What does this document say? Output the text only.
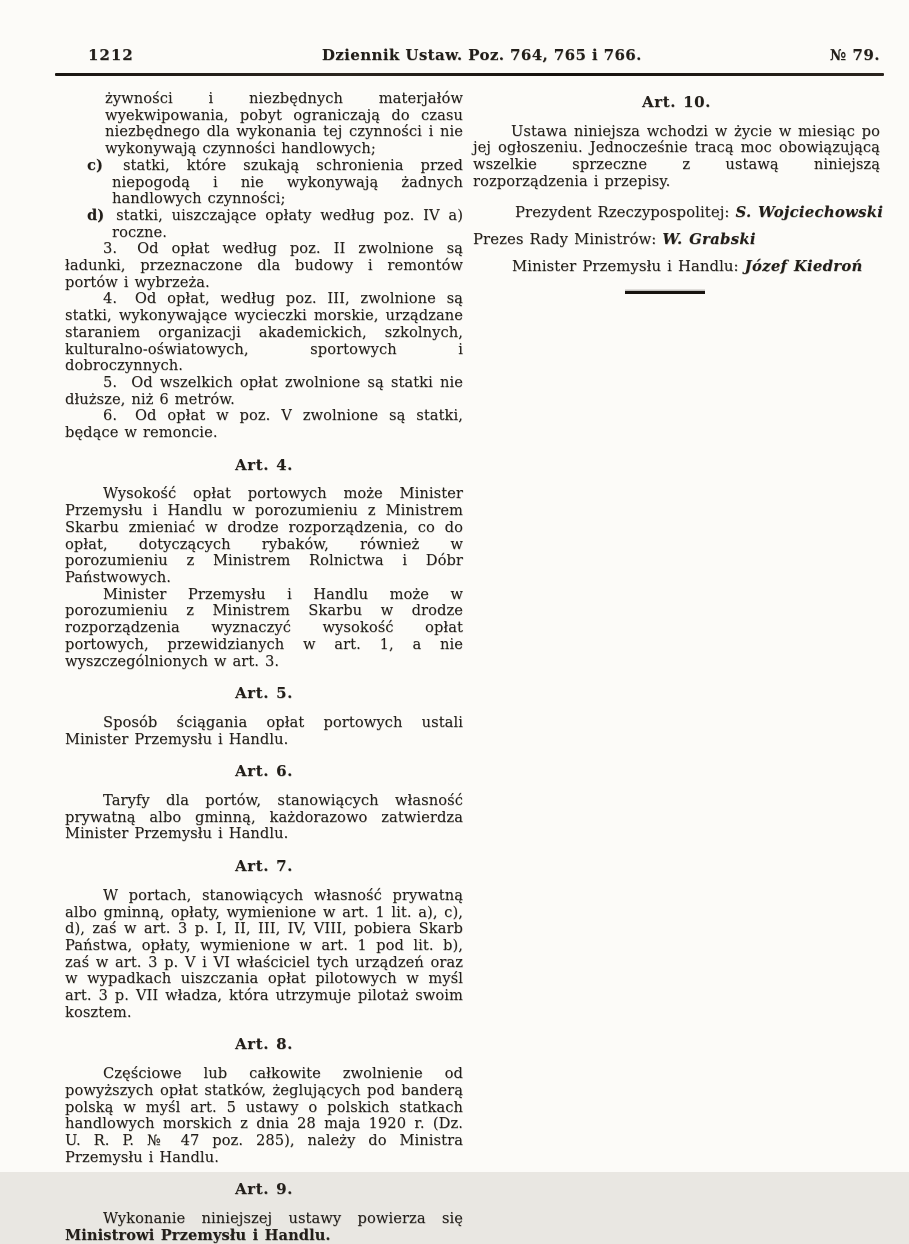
1212	Dziennik Ustaw. Poz. 764, 765 i 766.	№ 79.

żywności i niezbędnych materjałów wyekwipowania, pobyt ograniczają do czasu niezbędnego dla wykonania tej czynności i nie wykonywają czynności handlowych;

c) statki, które szukają schronienia przed niepogodą i nie wykonywają żadnych handlowych czynności;

d) statki, uiszczające opłaty według poz. IV a) roczne.

3. Od opłat według poz. II zwolnione są ładunki, przeznaczone dla budowy i remontów portów i wybrzeża.

4. Od opłat, według poz. III, zwolnione są statki, wykonywające wycieczki morskie, urządzane staraniem organizacji akademickich, szkolnych, kulturalno-oświatowych, sportowych i dobroczynnych.

5. Od wszelkich opłat zwolnione są statki nie dłuższe, niż 6 metrów.

6. Od opłat w poz. V zwolnione są statki, będące w remoncie.

Art. 4.

Wysokość opłat portowych może Minister Przemysłu i Handlu w porozumieniu z Ministrem Skarbu zmieniać w drodze rozporządzenia, co do opłat, dotyczących rybaków, również w porozumieniu z Ministrem Rolnictwa i Dóbr Państwowych.

Minister Przemysłu i Handlu może w porozumieniu z Ministrem Skarbu w drodze rozporządzenia wyznaczyć wysokość opłat portowych, przewidzianych w art. 1, a nie wyszczególnionych w art. 3.

Art. 5.

Sposób ściągania opłat portowych ustali Minister Przemysłu i Handlu.

Art. 6.

Taryfy dla portów, stanowiących własność prywatną albo gminną, każdorazowo zatwierdza Minister Przemysłu i Handlu.

Art. 7.

W portach, stanowiących własność prywatną albo gminną, opłaty, wymienione w art. 1 lit. a), c), d), zaś w art. 3 p. I, II, III, IV, VIII, pobiera Skarb Państwa, opłaty, wymienione w art. 1 pod lit. b), zaś w art. 3 p. V i VI właściciel tych urządzeń oraz w wypadkach uiszczania opłat pilotowych w myśl art. 3 p. VII władza, która utrzymuje pilotaż swoim kosztem.

Art. 8.

Częściowe lub całkowite zwolnienie od powyższych opłat statków, żeglujących pod banderą polską w myśl art. 5 ustawy o polskich statkach handlowych morskich z dnia 28 maja 1920 r. (Dz. U. R. P. № 47 poz. 285), należy do Ministra Przemysłu i Handlu.

Art. 9.

Wykonanie niniejszej ustawy powierza się Ministrowi Przemysłu i Handlu.

Art. 10.

Ustawa niniejsza wchodzi w życie w miesiąc po jej ogłoszeniu. Jednocześnie tracą moc obowiązującą wszelkie sprzeczne z ustawą niniejszą rozporządzenia i przepisy.

Prezydent Rzeczypospolitej: S. Wojciechowski
Prezes Rady Ministrów: W. Grabski
Minister Przemysłu i Handlu: Józef Kiedroń
